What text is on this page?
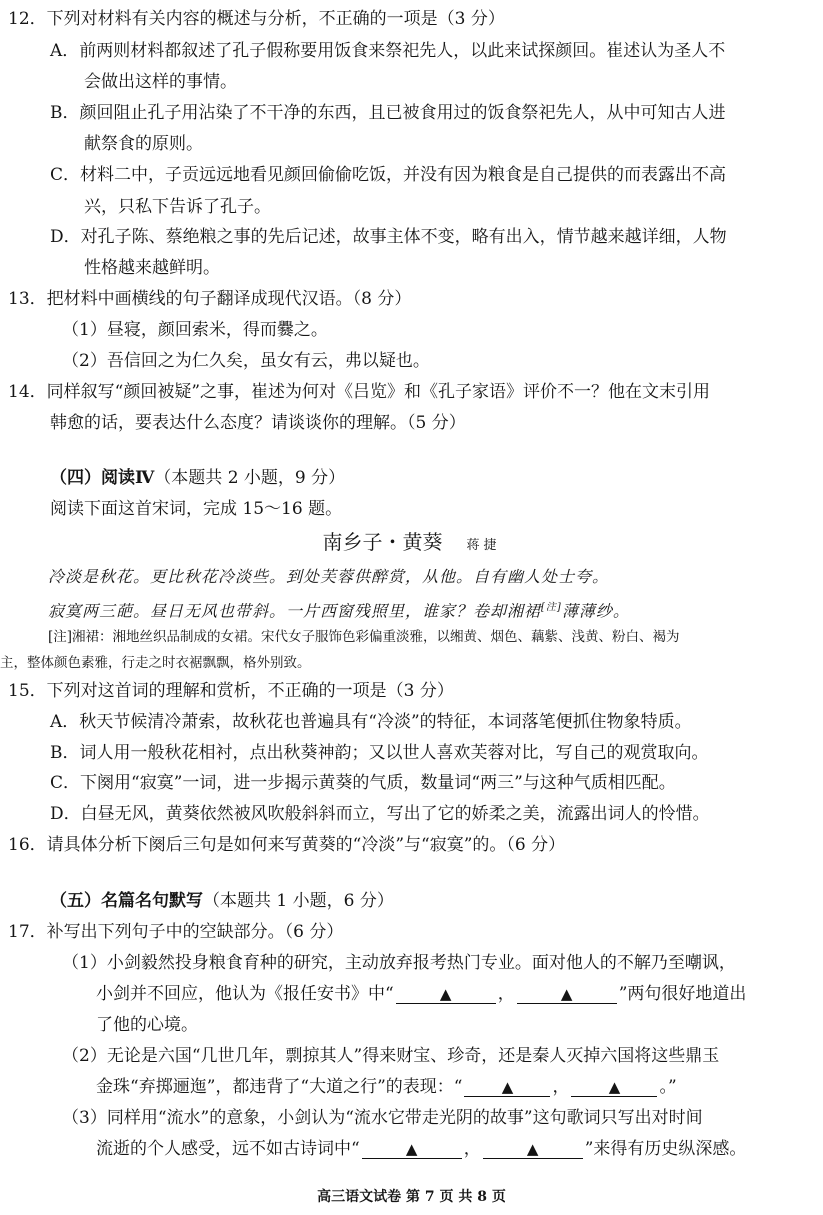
12．下列对材料有关内容的概述与分析，不正确的一项是（3 分）
A．前两则材料都叙述了孔子假称要用饭食来祭祀先人，以此来试探颜回。崔述认为圣人不
会做出这样的事情。
B．颜回阻止孔子用沾染了不干净的东西，且已被食用过的饭食祭祀先人，从中可知古人进
献祭食的原则。
C．材料二中，子贡远远地看见颜回偷偷吃饭，并没有因为粮食是自己提供的而表露出不高
兴，只私下告诉了孔子。
D．对孔子陈、蔡绝粮之事的先后记述，故事主体不变，略有出入，情节越来越详细，人物
性格越来越鲜明。
13．把材料中画横线的句子翻译成现代汉语。（8 分）
（1）昼寝，颜回索米，得而爨之。
（2）吾信回之为仁久矣，虽女有云，弗以疑也。
14．同样叙写“颜回被疑”之事，崔述为何对《吕览》和《孔子家语》评价不一？他在文末引用
韩愈的话，要表达什么态度？请谈谈你的理解。（5 分）
（四）阅读Ⅳ（本题共 2 小题，9 分）
阅读下面这首宋词，完成 15～16 题。
南乡子・黄葵 蒋捷
冷淡是秋花。更比秋花冷淡些。到处芙蓉供醉赏，从他。自有幽人处士夸。
寂寞两三葩。昼日无风也带斜。一片西窗残照里，谁家？卷却湘裙[注]薄薄纱。
[注]湘裙：湘地丝织品制成的女裙。宋代女子服饰色彩偏重淡雅，以缃黄、烟色、藕紫、浅黄、粉白、褐为
主，整体颜色素雅，行走之时衣裾飘飘，格外别致。
15．下列对这首词的理解和赏析，不正确的一项是（3 分）
A．秋天节候清冷萧索，故秋花也普遍具有“冷淡”的特征，本词落笔便抓住物象特质。
B．词人用一般秋花相衬，点出秋葵神韵；又以世人喜欢芙蓉对比，写自己的观赏取向。
C．下阕用“寂寞”一词，进一步揭示黄葵的气质，数量词“两三”与这种气质相匹配。
D．白昼无风，黄葵依然被风吹般斜斜而立，写出了它的娇柔之美，流露出词人的怜惜。
16．请具体分析下阕后三句是如何来写黄葵的“冷淡”与“寂寞”的。（6 分）
（五）名篇名句默写（本题共 1 小题，6 分）
17．补写出下列句子中的空缺部分。（6 分）
（1）小剑毅然投身粮食育种的研究，主动放弃报考热门专业。面对他人的不解乃至嘲讽，
小剑并不回应，他认为《报任安书》中“	▲	，	▲	”两句很好地道出
了他的心境。
（2）无论是六国“几世几年，剽掠其人”得来财宝、珍奇，还是秦人灭掉六国将这些鼎玉
金珠“弃掷逦迤”，都违背了“大道之行”的表现：“	▲ ，	▲ 。”
（3）同样用“流水”的意象，小剑认为“流水它带走光阴的故事”这句歌词只写出对时间
流逝的个人感受，远不如古诗词中“	▲	，	▲	”来得有历史纵深感。
高三语文试卷 第 7 页 共 8 页
